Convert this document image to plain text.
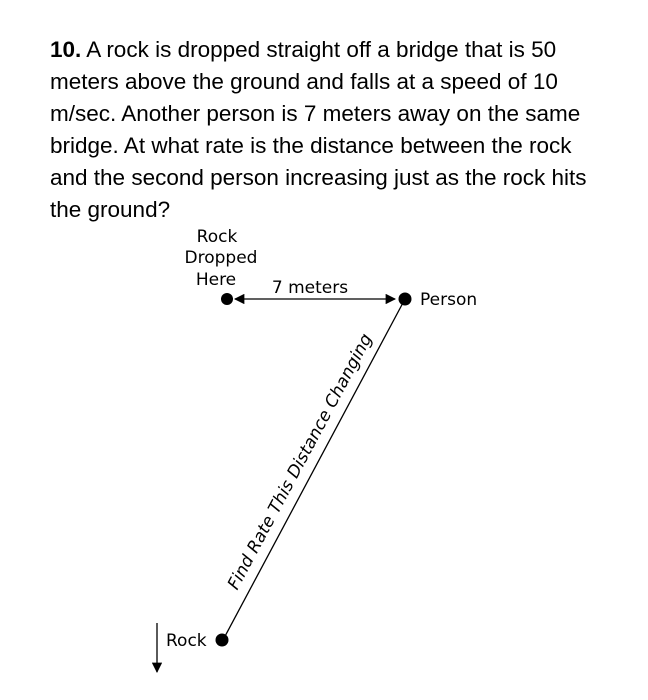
10. A rock is dropped straight off a bridge that is 50 meters above the ground and falls at a speed of 10 m/sec. Another person is 7 meters away on the same bridge. At what rate is the distance between the rock and the second person increasing just as the rock hits the ground?

Rock
Dropped
Here 7 meters
Person
Find Rate This Distance Changing
Rock
